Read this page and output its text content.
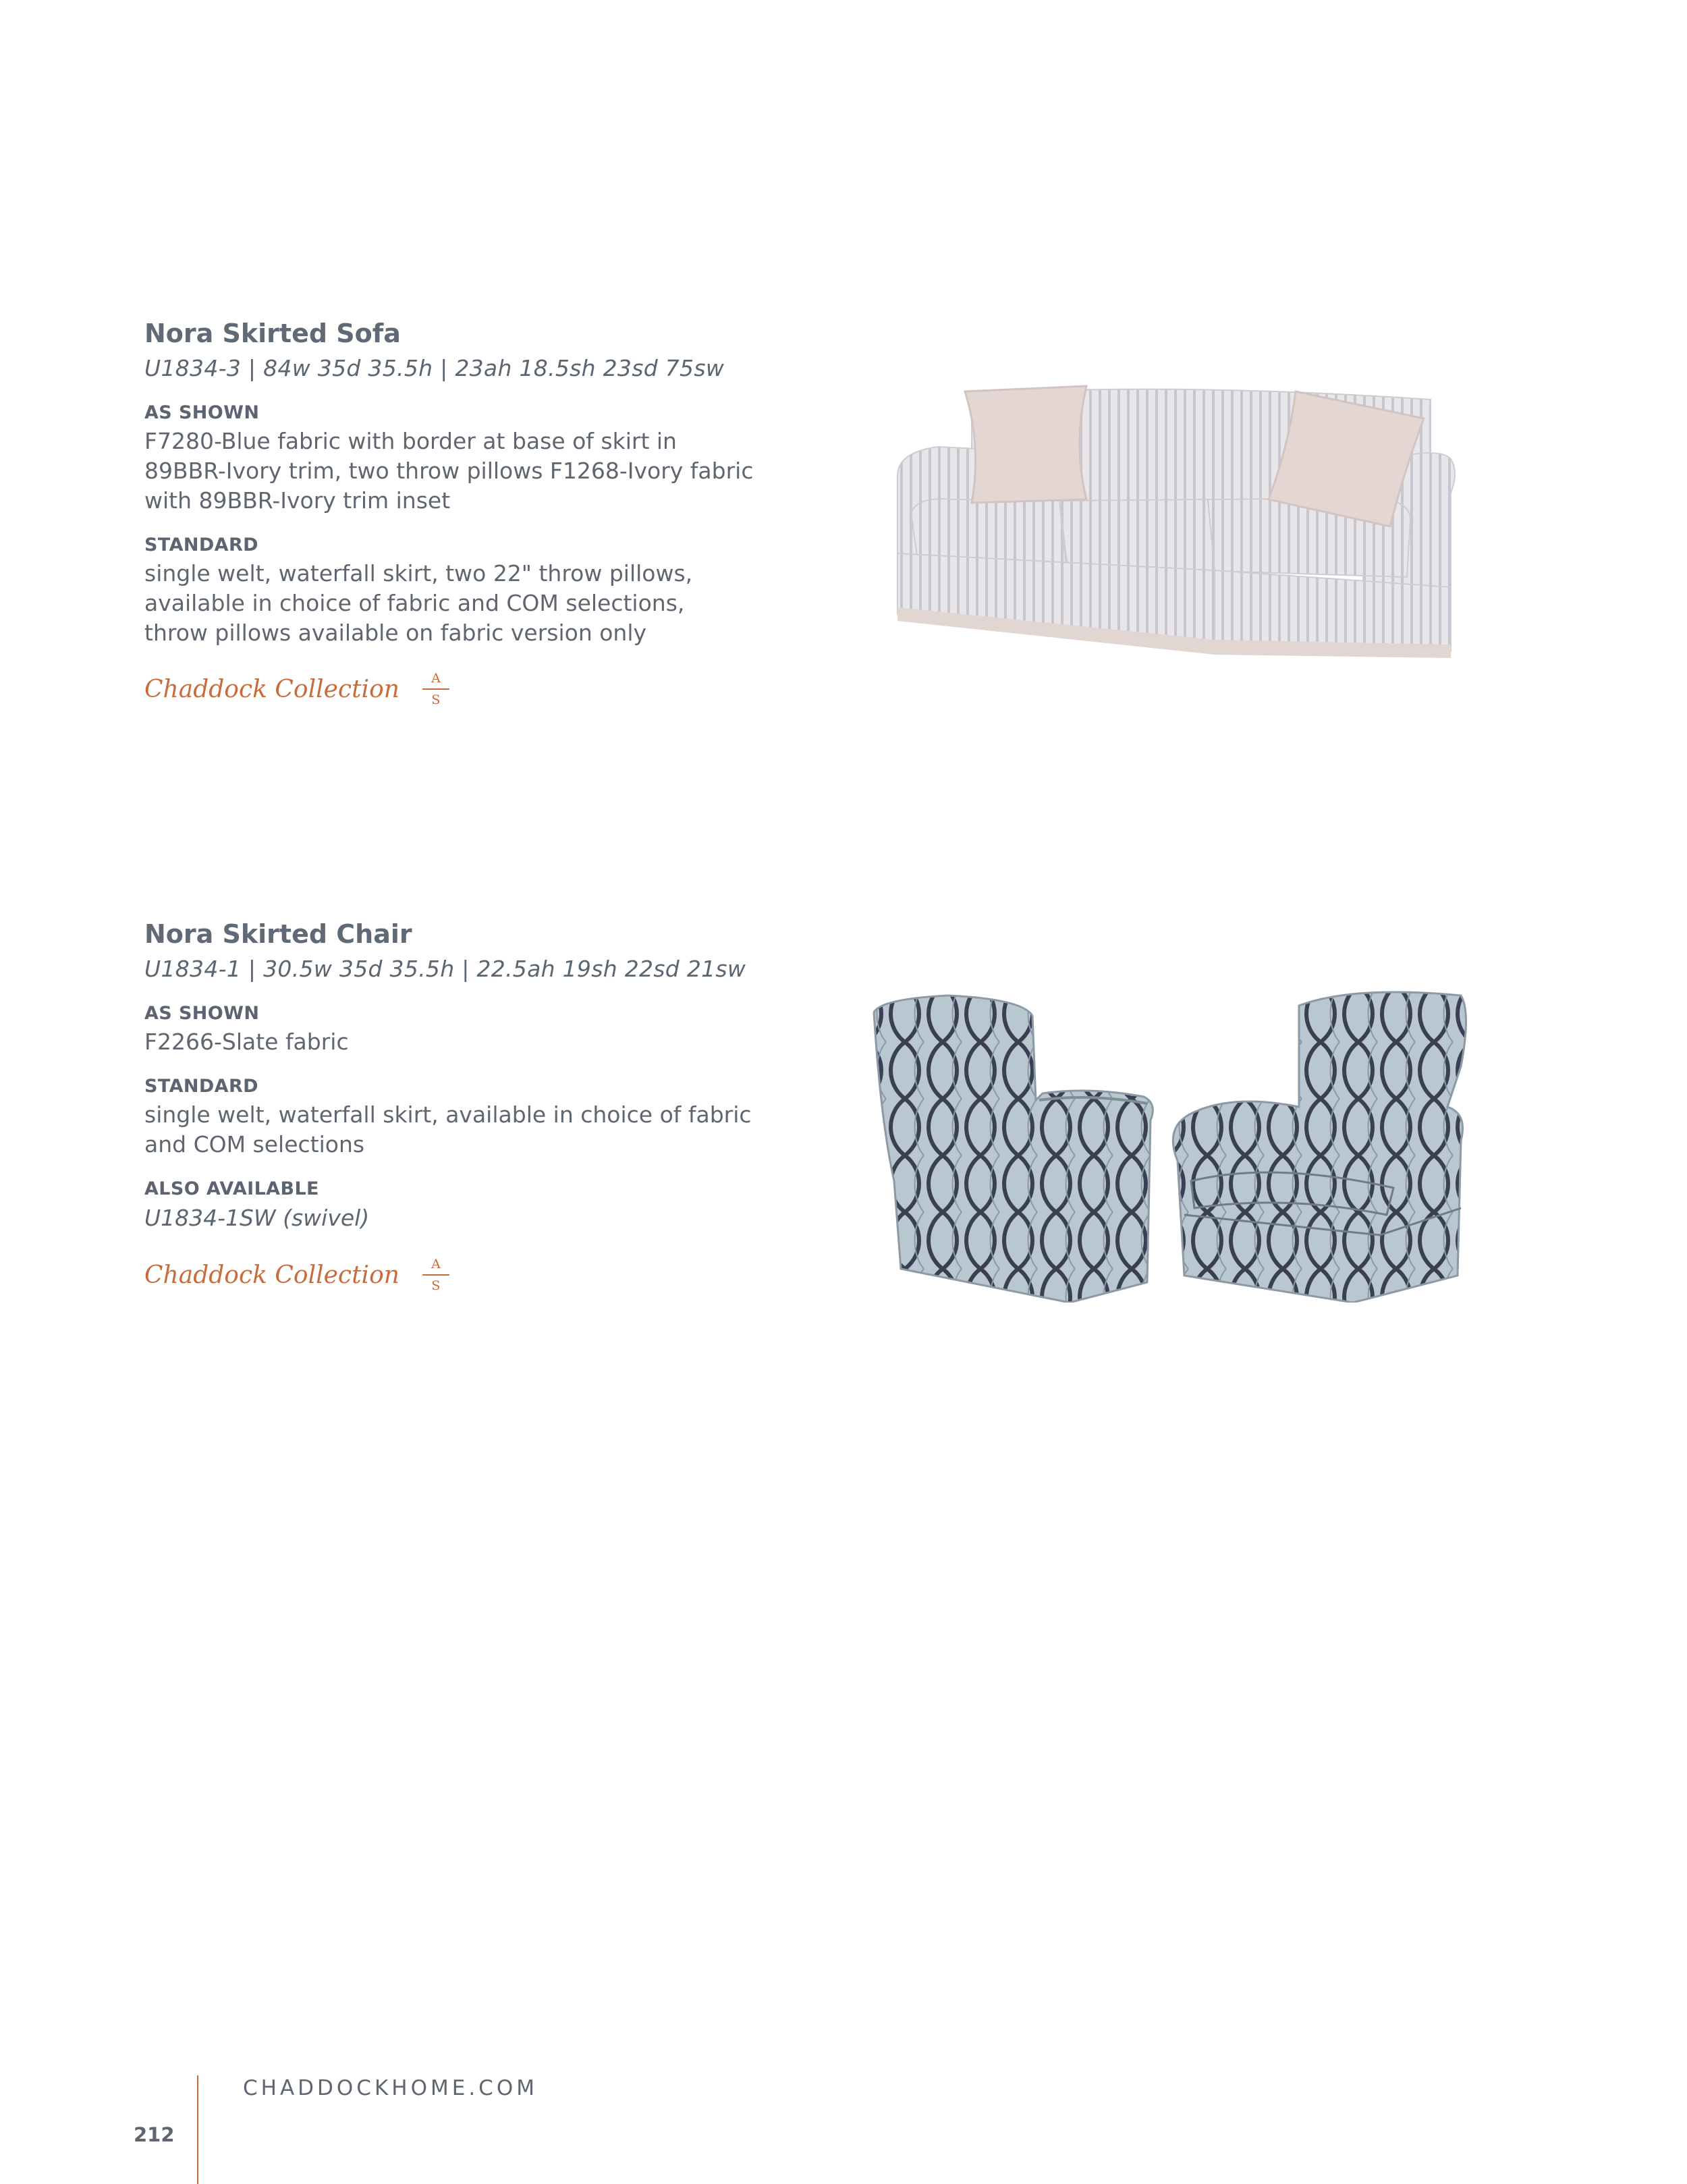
Nora Skirted Sofa
U1834-3 | 84w 35d 35.5h | 23ah 18.5sh 23sd 75sw
AS SHOWN
F7280-Blue fabric with border at base of skirt in
89BBR-Ivory trim, two throw pillows F1268-Ivory fabric
with 89BBR-Ivory trim inset
STANDARD
single welt, waterfall skirt, two 22" throw pillows,
available in choice of fabric and COM selections,
throw pillows available on fabric version only
Chaddock Collection A
S
Nora Skirted Chair
U1834-1 | 30.5w 35d 35.5h | 22.5ah 19sh 22sd 21sw
AS SHOWN
F2266-Slate fabric
STANDARD
single welt, waterfall skirt, available in choice of fabric
and COM selections
ALSO AVAILABLE
U1834-1SW (swivel)
Chaddock Collection A
S
CHADDOCKHOME.COM
212
